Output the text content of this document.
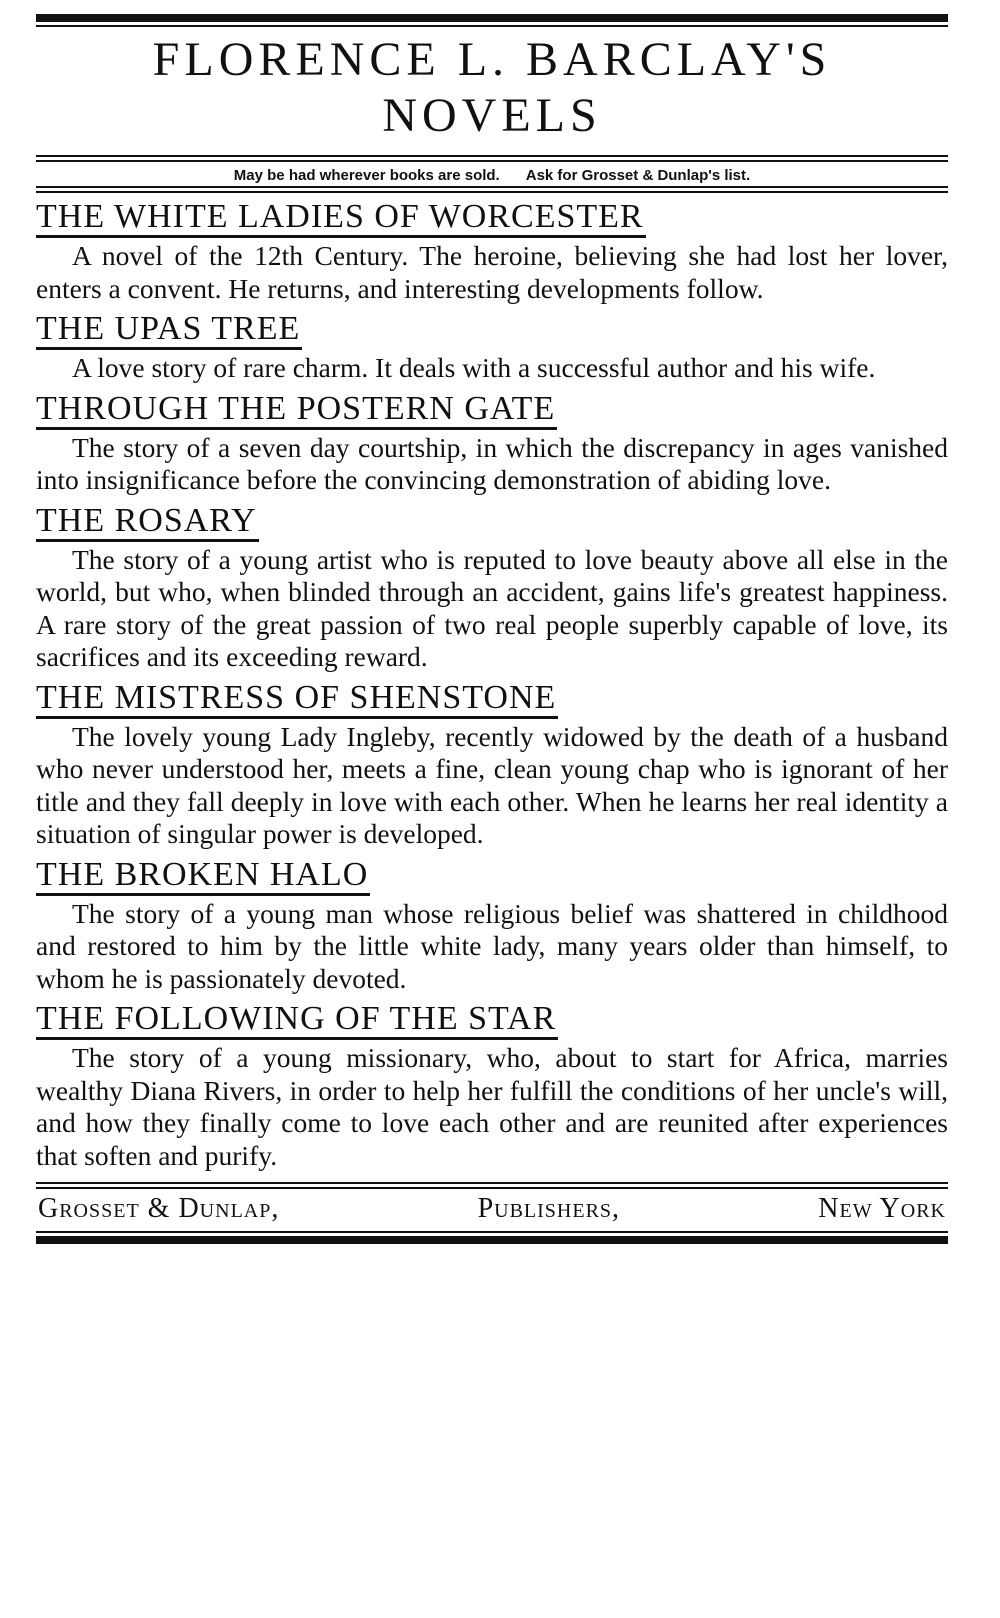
FLORENCE L. BARCLAY'S
NOVELS
May be had wherever books are sold. Ask for Grosset & Dunlap's list.
THE WHITE LADIES OF WORCESTER

A novel of the 12th Century. The heroine, believing she had lost her lover, enters a convent. He returns, and interesting developments follow.

THE UPAS TREE

A love story of rare charm. It deals with a successful author and his wife.

THROUGH THE POSTERN GATE

The story of a seven day courtship, in which the discrepancy in ages vanished into insignificance before the convincing demonstration of abiding love.

THE ROSARY

The story of a young artist who is reputed to love beauty above all else in the world, but who, when blinded through an accident, gains life's greatest happiness. A rare story of the great passion of two real people superbly capable of love, its sacrifices and its exceeding reward.

THE MISTRESS OF SHENSTONE

The lovely young Lady Ingleby, recently widowed by the death of a husband who never understood her, meets a fine, clean young chap who is ignorant of her title and they fall deeply in love with each other. When he learns her real identity a situation of singular power is developed.

THE BROKEN HALO

The story of a young man whose religious belief was shattered in childhood and restored to him by the little white lady, many years older than himself, to whom he is passionately devoted.

THE FOLLOWING OF THE STAR

The story of a young missionary, who, about to start for Africa, marries wealthy Diana Rivers, in order to help her fulfill the conditions of her uncle's will, and how they finally come to love each other and are reunited after experiences that soften and purify.

Grosset & Dunlap,	Publishers,	New York
